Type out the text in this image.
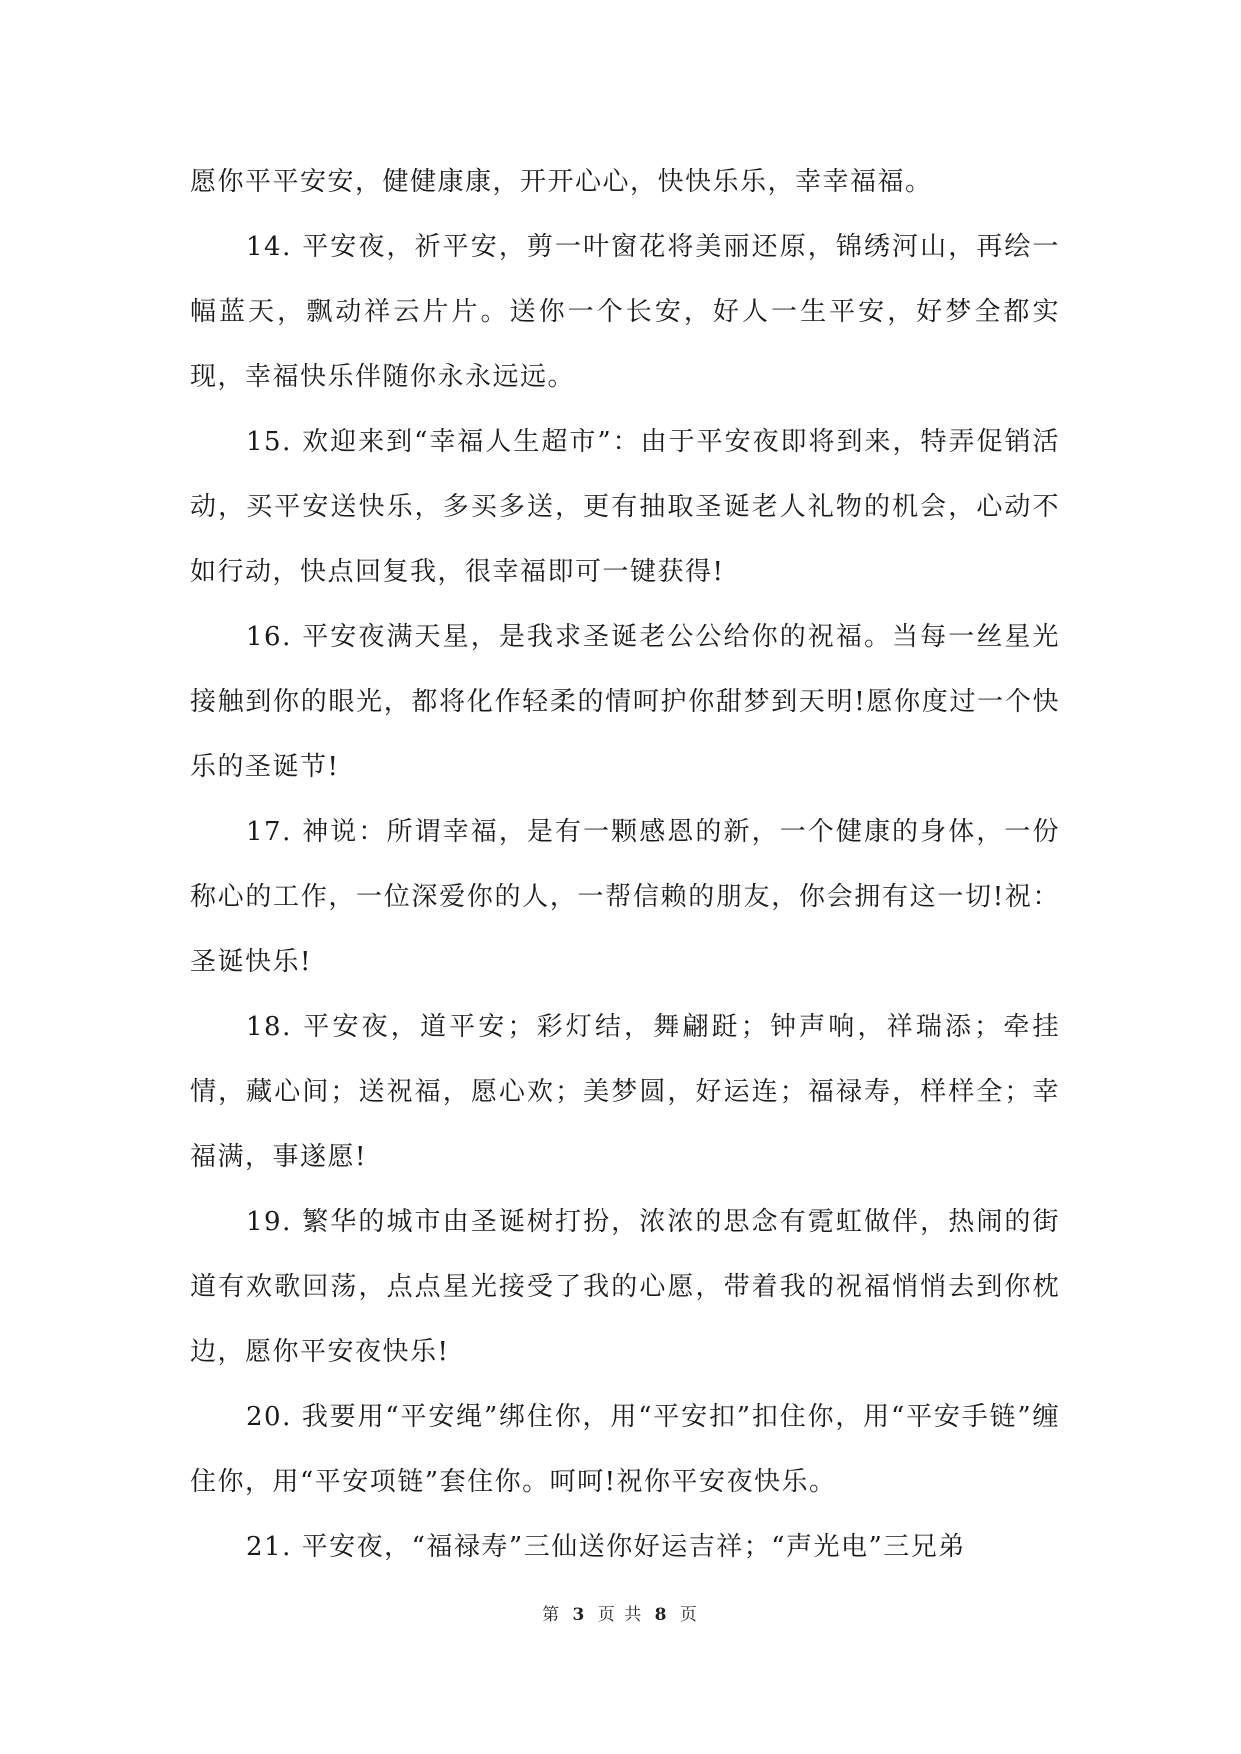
愿你平平安安，健健康康，开开心心，快快乐乐，幸幸福福。

14. 平安夜，祈平安，剪一叶窗花将美丽还原，锦绣河山，再绘一幅蓝天，飘动祥云片片。送你一个长安，好人一生平安，好梦全都实现，幸福快乐伴随你永永远远。

15. 欢迎来到“幸福人生超市”：由于平安夜即将到来，特弄促销活动，买平安送快乐，多买多送，更有抽取圣诞老人礼物的机会，心动不如行动，快点回复我，很幸福即可一键获得!

16. 平安夜满天星，是我求圣诞老公公给你的祝福。当每一丝星光接触到你的眼光，都将化作轻柔的情呵护你甜梦到天明!愿你度过一个快乐的圣诞节!

17. 神说：所谓幸福，是有一颗感恩的新，一个健康的身体，一份称心的工作，一位深爱你的人，一帮信赖的朋友，你会拥有这一切!祝：圣诞快乐!

18. 平安夜，道平安；彩灯结，舞翩跹；钟声响，祥瑞添；牵挂情，藏心间；送祝福，愿心欢；美梦圆，好运连；福禄寿，样样全；幸福满，事遂愿!

19. 繁华的城市由圣诞树打扮，浓浓的思念有霓虹做伴，热闹的街道有欢歌回荡，点点星光接受了我的心愿，带着我的祝福悄悄去到你枕边，愿你平安夜快乐!

20. 我要用“平安绳”绑住你，用“平安扣”扣住你，用“平安手链”缠住你，用“平安项链”套住你。呵呵!祝你平安夜快乐。

21. 平安夜，“福禄寿”三仙送你好运吉祥；“声光电”三兄弟

第 3 页 共 8 页
